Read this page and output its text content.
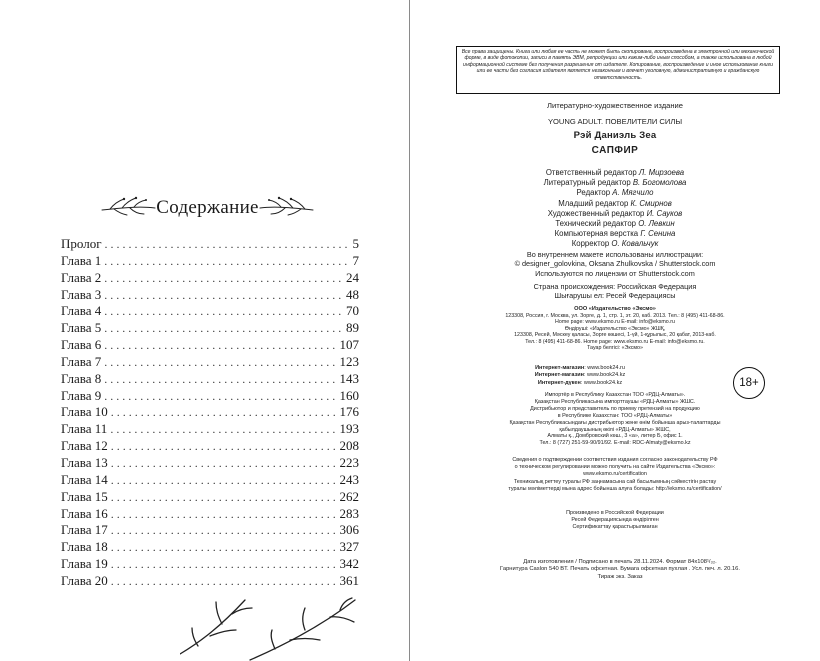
Содержание
Пролог . . .	5
Глава 1 . . .	7
Глава 2 . . .	24
Глава 3 . . .	48
Глава 4 . . .	70
Глава 5 . . .	89
Глава 6 . . .	107
Глава 7 . . .	123
Глава 8 . . .	143
Глава 9 . . .	160
Глава 10 . . .	176
Глава 11 . . .	193
Глава 12 . . .	208
Глава 13 . . .	223
Глава 14 . . .	243
Глава 15 . . .	262
Глава 16 . . .	283
Глава 17 . . .	306
Глава 18 . . .	327
Глава 19 . . .	342
Глава 20 . . .	361
Все права защищены. Книга или любая ее часть не может быть скопирована, воспроизведена в электронной или механической форме, в виде фотокопии, записи в память ЭВМ, репродукции или каким-либо иным способом, а также использована в любой информационной системе без получения разрешения от издателя. Копирование, воспроизведение и иное использование книги или ее части без согласия издателя является незаконным и влечет уголовную, административную и гражданскую ответственность.
Литературно-художественное издание
YOUNG ADULT. ПОВЕЛИТЕЛИ СИЛЫ
Рэй Даниэль Зеа
САПФИР
Ответственный редактор Л. Мирзоева
Литературный редактор В. Богомолова
Редактор А. Мягчило
Младший редактор К. Смирнов
Художественный редактор И. Сауков
Технический редактор О. Левкин
Компьютерная верстка Г. Сенина
Корректор О. Ковальчук
Во внутреннем макете использованы иллюстрации:
© designer_golovkina, Oksana Zhulkovska / Shutterstock.com
Используются по лицензии от Shutterstock.com
Страна происхождения: Российская Федерация
Шығарушы ел: Ресей Федерациясы
ООО «Издательство «Эксмо»
123308, Россия, г. Москва, ул. Зорге, д. 1, стр. 1, эт. 20, каб. 2013. Тел.: 8 (495) 411-68-86.
Home page: www.eksmo.ru E-mail: info@eksmo.ru
Өндіруші: «Издательство «Эксмо» ЖШҚ,
123308, Ресей, Мәскеу қаласы, Зорге көшесі, 1-үй, 1-құрылыс, 20 қабат, 2013-каб.
Тел.: 8 (495) 411-68-86. Home page: www.eksmo.ru E-mail: info@eksmo.ru.
Тауар белгісі: «Эксмо»
Интернет-магазин: www.book24.ru
Интернет-магазин: www.book24.kz
Интернет-дүкен: www.book24.kz	18+
Импортёр в Республику Казахстан ТОО «РДЦ-Алматы».
Қазақстан Республикасына импорттаушы «РДЦ-Алматы» ЖШС.
Дистрибьютор и представитель по приему претензий на продукцию
в Республике Казахстан: ТОО «РДЦ-Алматы»
Қазақстан Республикасындағы дистрибьютор және өнім бойынша арыз-талаптарды
қабылдаушының өкілі «РДЦ-Алматы» ЖШС,
Алматы қ., Домбровский көш., 3 «а», литер Б, офис 1.
Тел.: 8 (727) 251-59-90/91/92. E-mail: RDC-Almaty@eksmo.kz
Сведения о подтверждении соответствия издания согласно законодательству РФ
о техническом регулировании можно получить на сайте Издательства «Эксмо»:
www.eksmo.ru/certification
Техникалық реттеу туралы РФ заңнамасына сай басылымның сәйкестігін растау
туралы мәліметтерді мына адрес бойынша алуға болады: http://eksmo.ru/certification/
Произведено в Российской Федерации
Ресей Федерациясында өндірілген
Сертификаттау қарастырылмаған
Дата изготовления / Подписано в печать 28.11.2024. Формат 84x108¹/₃₂.
Гарнитура Caslon 540 BT. Печать офсетная. Бумага офсетная пухлая . Усл. печ. л. 20.16.
Тираж экз. Заказ
